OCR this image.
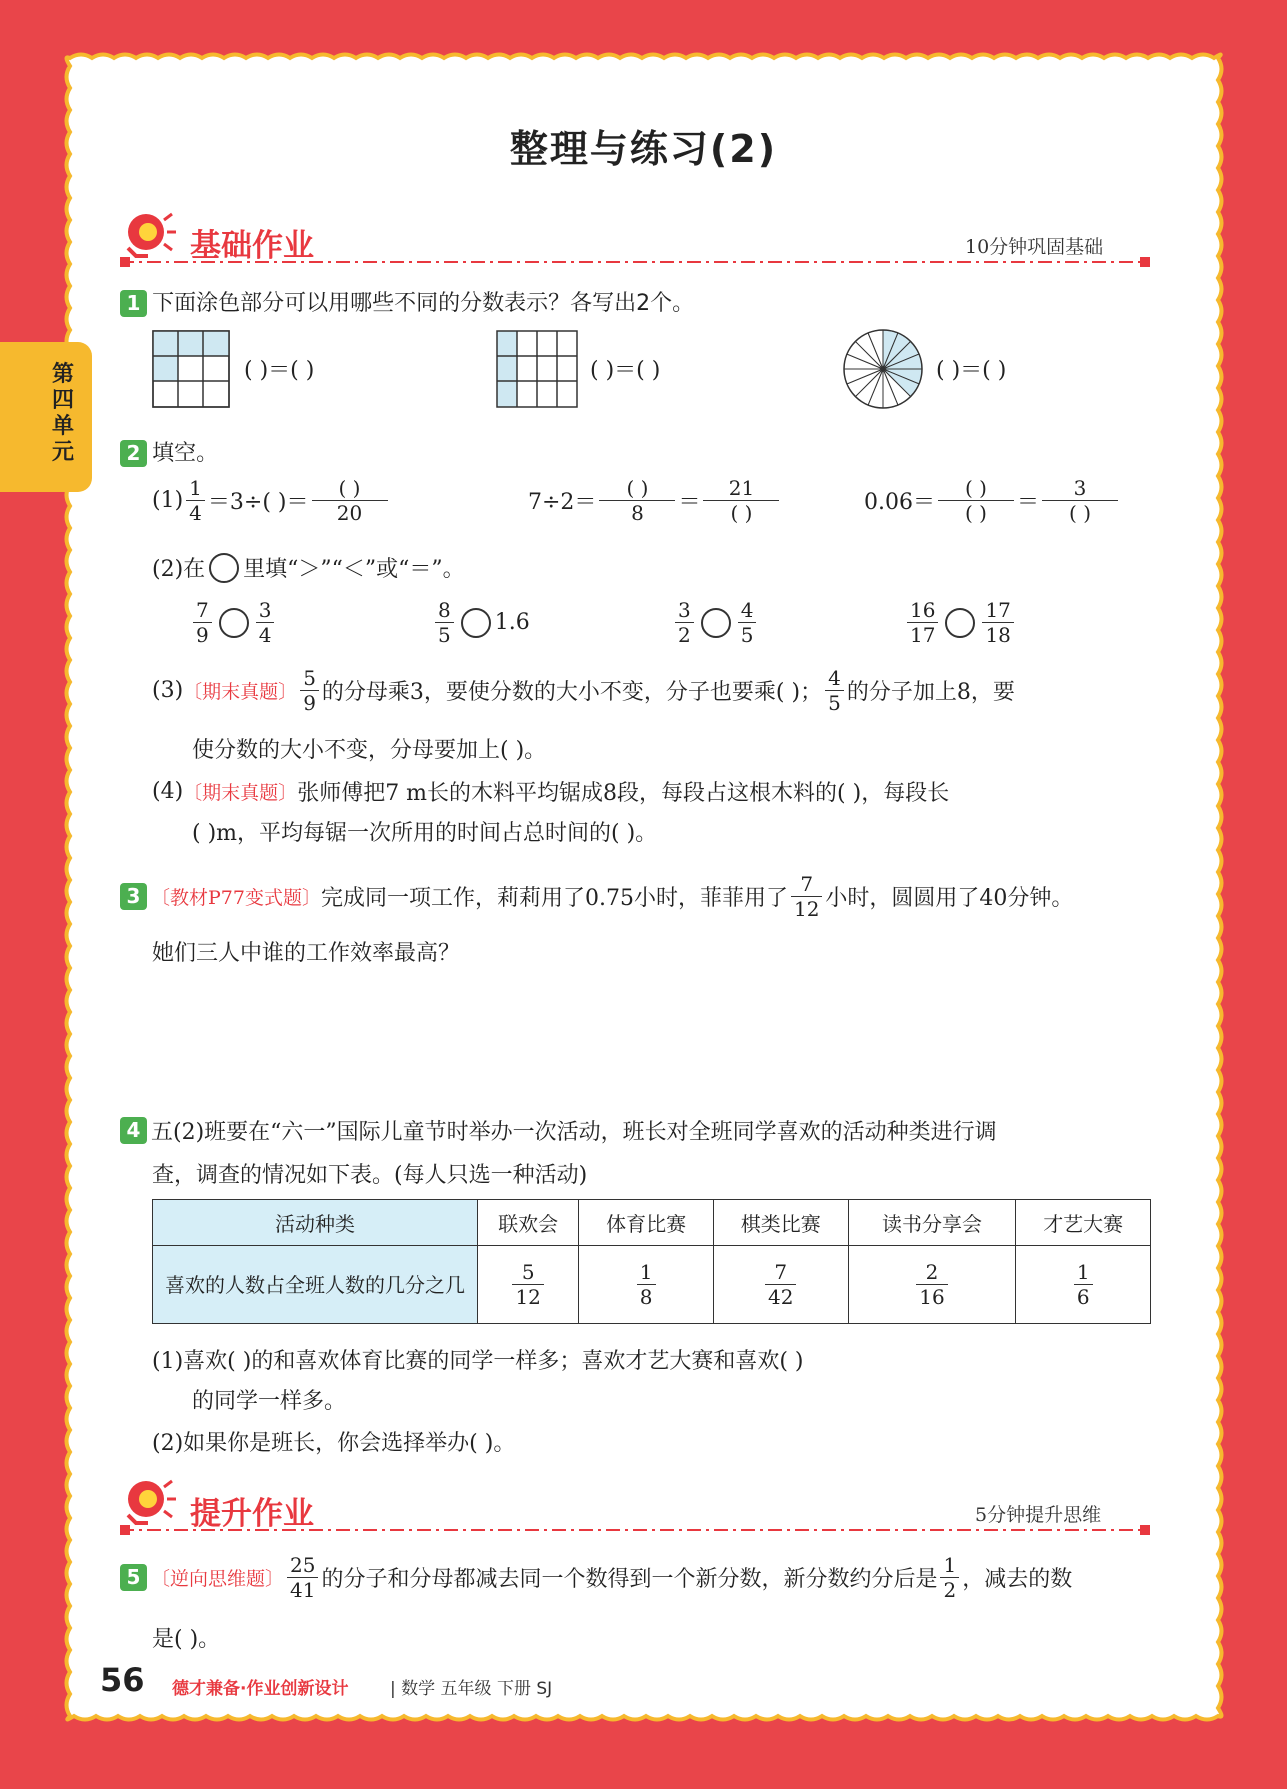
第四单元
整理与练习(2)
基础作业	10分钟巩固基础
1 下面涂色部分可以用哪些不同的分数表示？各写出2个。
( )＝( )	( )＝( )	( )＝( )
2 填空。
$(1) \frac{1}{4} =3\div$( )＝ $\frac{( )}{20}$	$7\div 2= \frac{( )}{8} = \frac{21}{( )}$	$0.06= \frac{( )}{( )} = \frac{3}{( )}$
(2)在 里填“＞”“＜”或“＝”。
$\frac{7}{9} \frac{3}{4}$	$\frac{8}{5} 1.6$	$\frac{3}{2} \frac{4}{5}$	$\frac{16}{17} \frac{17}{18}$
(3) 〔期末真题〕 $\frac{5}{9}$ 的分母乘3，要使分数的大小不变，分子也要乘( )； $\frac{4}{5}$ 的分子加上8，要
使分数的大小不变，分母要加上( )。
(4) 〔期末真题〕 张师傅把7 m长的木料平均锯成8段，每段占这根木料的( )，每段长
( )m，平均每锯一次所用的时间占总时间的( )。
3 〔教材P77变式题〕 完成同一项工作，莉莉用了0.75小时，菲菲用了 $\frac{7}{12}$ 小时，圆圆用了40分钟。
她们三人中谁的工作效率最高？
4 五(2)班要在“六一”国际儿童节时举办一次活动，班长对全班同学喜欢的活动种类进行调
查，调查的情况如下表。(每人只选一种活动)
活动种类	联欢会	体育比赛	棋类比赛	读书分享会	才艺大赛
喜欢的人数占全班人数的几分之几	$\frac{5}{12}$	$\frac{1}{8}$	$\frac{7}{42}$	$\frac{2}{16}$	$\frac{1}{6}$
(1)喜欢( )的和喜欢体育比赛的同学一样多；喜欢才艺大赛和喜欢( )
的同学一样多。
(2)如果你是班长，你会选择举办( )。
提升作业	5分钟提升思维
5 〔逆向思维题〕 $\frac{25}{41}$ 的分子和分母都减去同一个数得到一个新分数，新分数约分后是 $\frac{1}{2}$ ，减去的数
是( )。
56 德才兼备·作业创新设计 | 数学 五年级 下册 SJ
